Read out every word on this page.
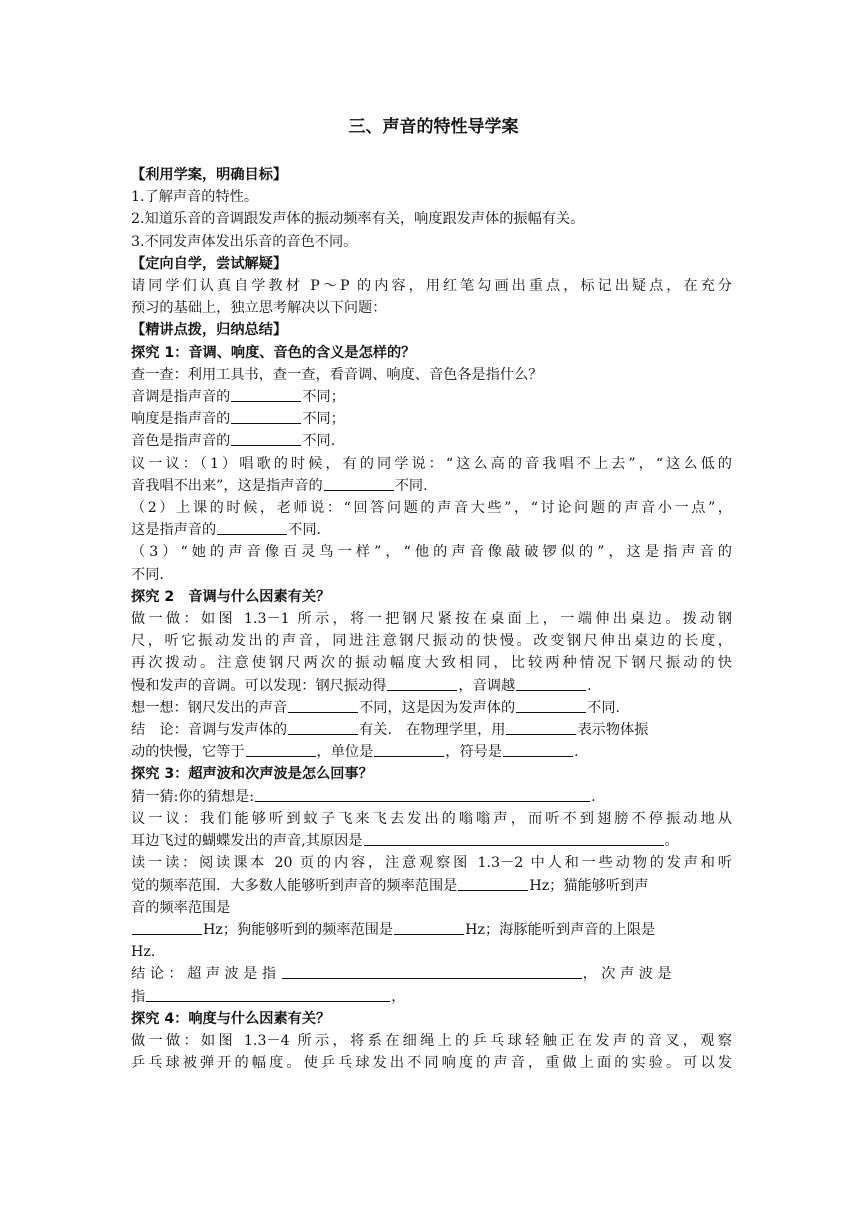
三、声音的特性导学案
【利用学案，明确目标】
1.了解声音的特性。
2.知道乐音的音调跟发声体的振动频率有关，响度跟发声体的振幅有关。
3.不同发声体发出乐音的音色不同。
【定向自学，尝试解疑】
请同学们认真自学教材 P～P 的内容，用红笔勾画出重点，标记出疑点，在充分
预习的基础上，独立思考解决以下问题：
【精讲点拨，归纳总结】
探究 1：音调、响度、音色的含义是怎样的？
查一查：利用工具书，查一查，看音调、响度、音色各是指什么？
音调是指声音的	不同；
响度是指声音的	不同；
音色是指声音的	不同.
议一议：（1）唱歌的时候，有的同学说：“这么高的音我唱不上去”，“这么低的
音我唱不出来”，这是指声音的	不同.
（2）上课的时候，老师说：“回答问题的声音大些”，“讨论问题的声音小一点”，
这是指声音的	不同.
（3）“她的声音像百灵鸟一样”，“他的声音像敲破锣似的”，这是指声音的
不同.
探究 2　音调与什么因素有关？
做一做：如图 1.3－1 所示，将一把钢尺紧按在桌面上，一端伸出桌边。拨动钢
尺，听它振动发出的声音，同进注意钢尺振动的快慢。改变钢尺伸出桌边的长度，
再次拨动。注意使钢尺两次的振动幅度大致相同，比较两种情况下钢尺振动的快
慢和发声的音调。可以发现：钢尺振动得	，音调越	.
想一想：钢尺发出的声音	不同，这是因为发声体的	不同.
结　论：音调与发声体的	有关.　在物理学里，用	表示物体振
动的快慢，它等于	，单位是	，符号是	.
探究 3：超声波和次声波是怎么回事？
猜一猜:你的猜想是:	.
议一议：我们能够听到蚊子飞来飞去发出的嗡嗡声，而听不到翅膀不停振动地从
耳边飞过的蝴蝶发出的声音,其原因是	。
读一读：阅读课本 20 页的内容，注意观察图 1.3－2 中人和一些动物的发声和听
觉的频率范围．大多数人能够听到声音的频率范围是	Hz；猫能够听到声
音的频率范围是
Hz；狗能够听到的频率范围是	Hz；海豚能听到声音的上限是
Hz．
结 论 ： 超 声 波 是 指	， 次 声 波 是
指	，
探究 4：响度与什么因素有关？
做一做：如图 1.3－4 所示，将系在细绳上的乒乓球轻触正在发声的音叉，观察
乒乓球被弹开的幅度。使乒乓球发出不同响度的声音，重做上面的实验。可以发
